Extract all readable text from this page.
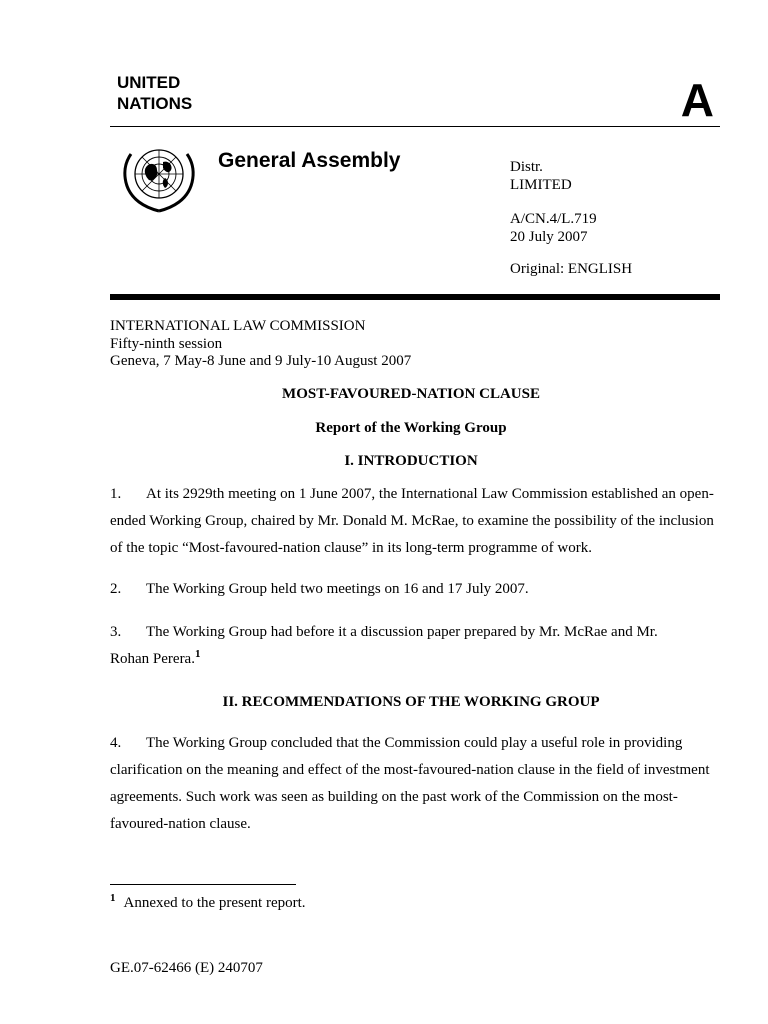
UNITED
NATIONS	A
General Assembly	Distr.
LIMITED
A/CN.4/L.719
20 July 2007
Original: ENGLISH
INTERNATIONAL LAW COMMISSION
Fifty-ninth session
Geneva, 7 May-8 June and 9 July-10 August 2007
MOST-FAVOURED-NATION CLAUSE
Report of the Working Group
I. INTRODUCTION
1. At its 2929th meeting on 1 June 2007, the International Law Commission established an open-ended Working Group, chaired by Mr. Donald M. McRae, to examine the possibility of the inclusion of the topic “Most-favoured-nation clause” in its long-term programme of work.
2. The Working Group held two meetings on 16 and 17 July 2007.
3. The Working Group had before it a discussion paper prepared by Mr. McRae and Mr. Rohan Perera.$^1$
II. RECOMMENDATIONS OF THE WORKING GROUP
4. The Working Group concluded that the Commission could play a useful role in providing clarification on the meaning and effect of the most-favoured-nation clause in the field of investment agreements. Such work was seen as building on the past work of the Commission on the most-favoured-nation clause.
$^1$ Annexed to the present report.
GE.07-62466 (E) 240707
